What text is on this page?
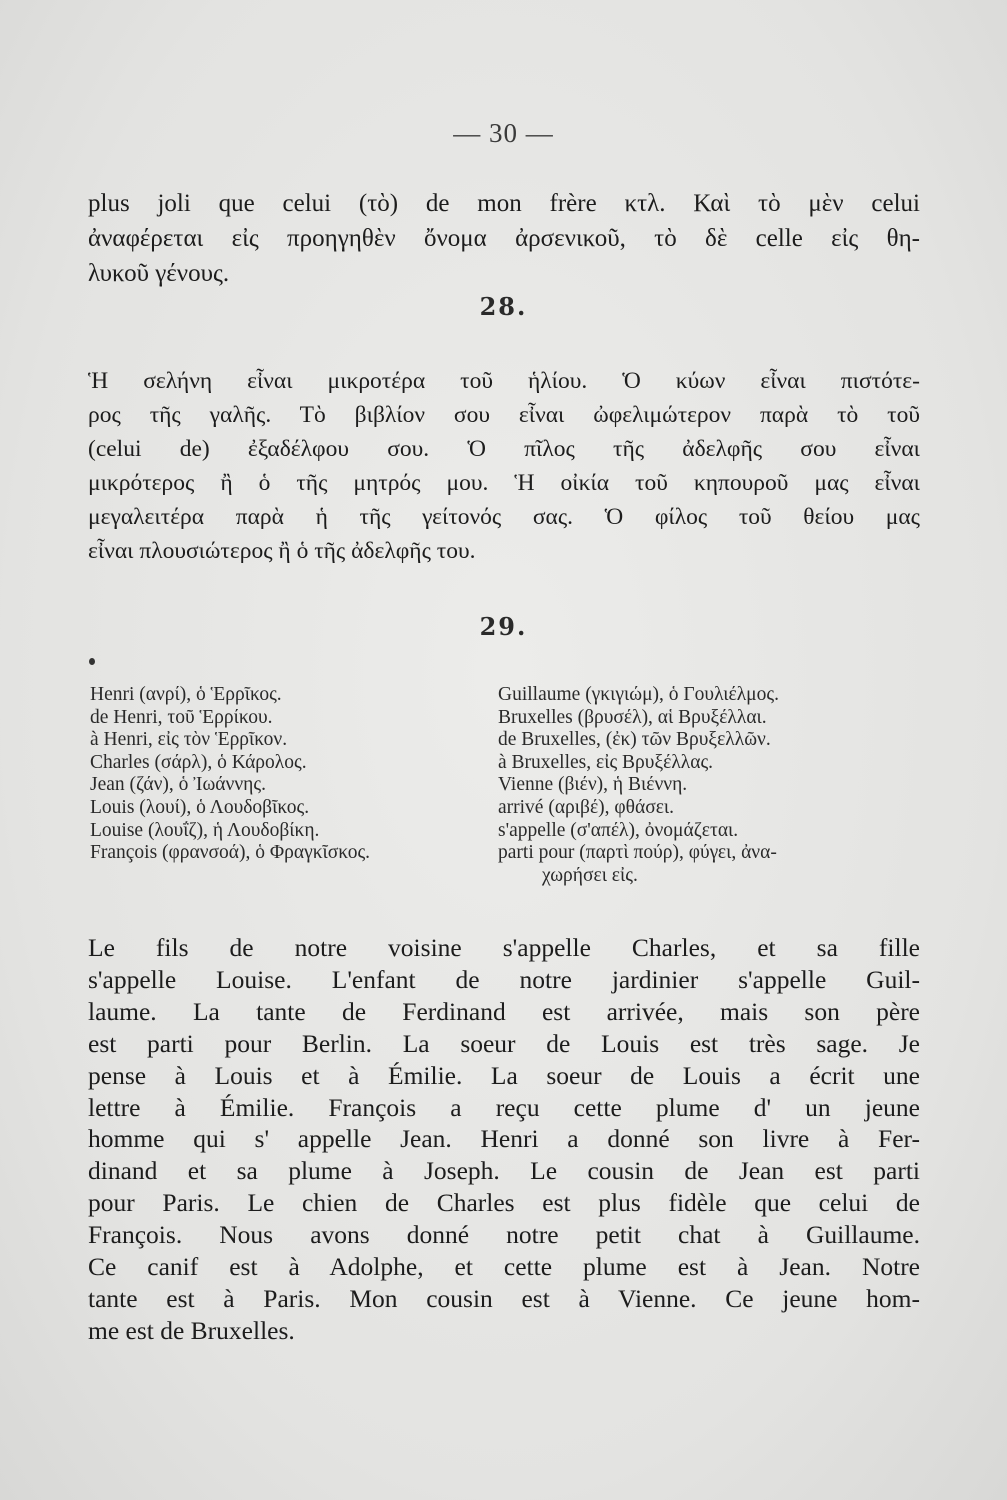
— 30 —
plus joli que celui (τὸ) de mon frère κτλ. Καὶ τὸ μὲν celui
ἀναφέρεται εἰς προηγηθὲν ὄνομα ἀρσενικοῦ, τὸ δὲ celle εἰς θη-
λυκοῦ γένους.
28.
Ἡ σελήνη εἶναι μικροτέρα τοῦ ἡλίου. Ὁ κύων εἶναι πιστότε-
ρος τῆς γαλῆς. Τὸ βιβλίον σου εἶναι ὠφελιμώτερον παρὰ τὸ τοῦ
(celui de) ἐξαδέλφου σου. Ὁ πῖλος τῆς ἀδελφῆς σου εἶναι
μικρότερος ἢ ὁ τῆς μητρός μου. Ἡ οἰκία τοῦ κηπουροῦ μας εἶναι
μεγαλειτέρα παρὰ ἡ τῆς γείτονός σας. Ὁ φίλος τοῦ θείου μας
εἶναι πλουσιώτερος ἢ ὁ τῆς ἀδελφῆς του.
29.
Henri (ανρί), ὁ Ἑρρῖκος.
de Henri, τοῦ Ἑρρίκου.
à Henri, εἰς τὸν Ἑρρῖκον.
Charles (σάρλ), ὁ Κάρολος.
Jean (ζάν), ὁ Ἰωάννης.
Louis (λουί), ὁ Λουδοβῖκος.
Louise (λουΐζ), ἡ Λουδοβίκη.
François (φρανσοά), ὁ Φραγκῖσκος.
Guillaume (γκιγιώμ), ὁ Γουλιέλμος.
Bruxelles (βρυσέλ), αἱ Βρυξέλλαι.
de Bruxelles, (ἐκ) τῶν Βρυξελλῶν.
à Bruxelles, εἰς Βρυξέλλας.
Vienne (βιέν), ἡ Βιέννη.
arrivé (αριβέ), φθάσει.
s'appelle (σ'απέλ), ὀνομάζεται.
parti pour (παρτὶ πούρ), φύγει, ἀνα-
χωρήσει εἰς.
Le fils de notre voisine s'appelle Charles, et sa fille
s'appelle Louise. L'enfant de notre jardinier s'appelle Guil-
laume. La tante de Ferdinand est arrivée, mais son père
est parti pour Berlin. La soeur de Louis est très sage. Je
pense à Louis et à Émilie. La soeur de Louis a écrit une
lettre à Émilie. François a reçu cette plume d' un jeune
homme qui s' appelle Jean. Henri a donné son livre à Fer-
dinand et sa plume à Joseph. Le cousin de Jean est parti
pour Paris. Le chien de Charles est plus fidèle que celui de
François. Nous avons donné notre petit chat à Guillaume.
Ce canif est à Adolphe, et cette plume est à Jean. Notre
tante est à Paris. Mon cousin est à Vienne. Ce jeune hom-
me est de Bruxelles.
